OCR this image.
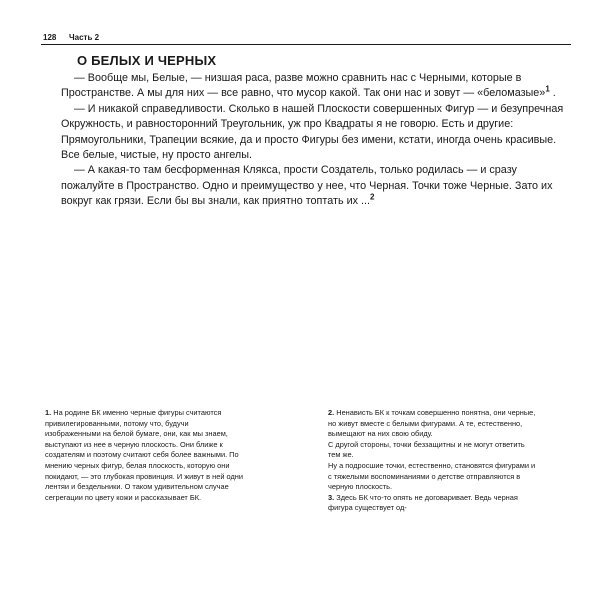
128 Часть 2
О БЕЛЫХ И ЧЕРНЫХ

— Вообще мы, Белые, — низшая раса, разве можно сравнить нас с Черными, которые в Пространстве. А мы для них — все равно, что мусор какой. Так они нас и зовут — «беломазые»$^1$ .

— И никакой справедливости. Сколько в нашей Плоскости совершенных Фигур — и безупречная Окружность, и равносторонний Треугольник, уж про Квадраты я не говорю. Есть и другие: Прямоугольники, Трапеции всякие, да и просто Фигуры без имени, кстати, иногда очень красивые. Все белые, чистые, ну просто ангелы.

— А какая-то там бесформенная Клякса, прости Создатель, только родилась — и сразу пожалуйте в Пространство. Одно и преимущество у нее, что Черная. Точки тоже Черные. Зато их вокруг как грязи. Если бы вы знали, как приятно топтать их ...$^2$

1. На родине БК именно черные фигуры считаются привилегированными, потому что, будучи изображенными на белой бумаге, они, как мы знаем, выступают из нее в черную плоскость. Они ближе к создателям и поэтому считают себя более важными. По мнению черных фигур, белая плоскость, которую они покидают, — это глубокая провинция. И живут в ней одни лентяи и бездельники. О таком удивительном случае сегрегации по цвету кожи и рассказывает БК.

2. Ненависть БК к точкам совершенно понятна, они черные, но живут вместе с белыми фигурами. А те, естественно, вымещают на них свою обиду.

С другой стороны, точки беззащитны и не могут ответить тем же.

Ну а подросшие точки, естественно, становятся фигурами и с тяжелыми воспоминаниями о детстве отправляются в черную плоскость.

3. Здесь БК что-то опять не договаривает. Ведь черная фигура существует од-
